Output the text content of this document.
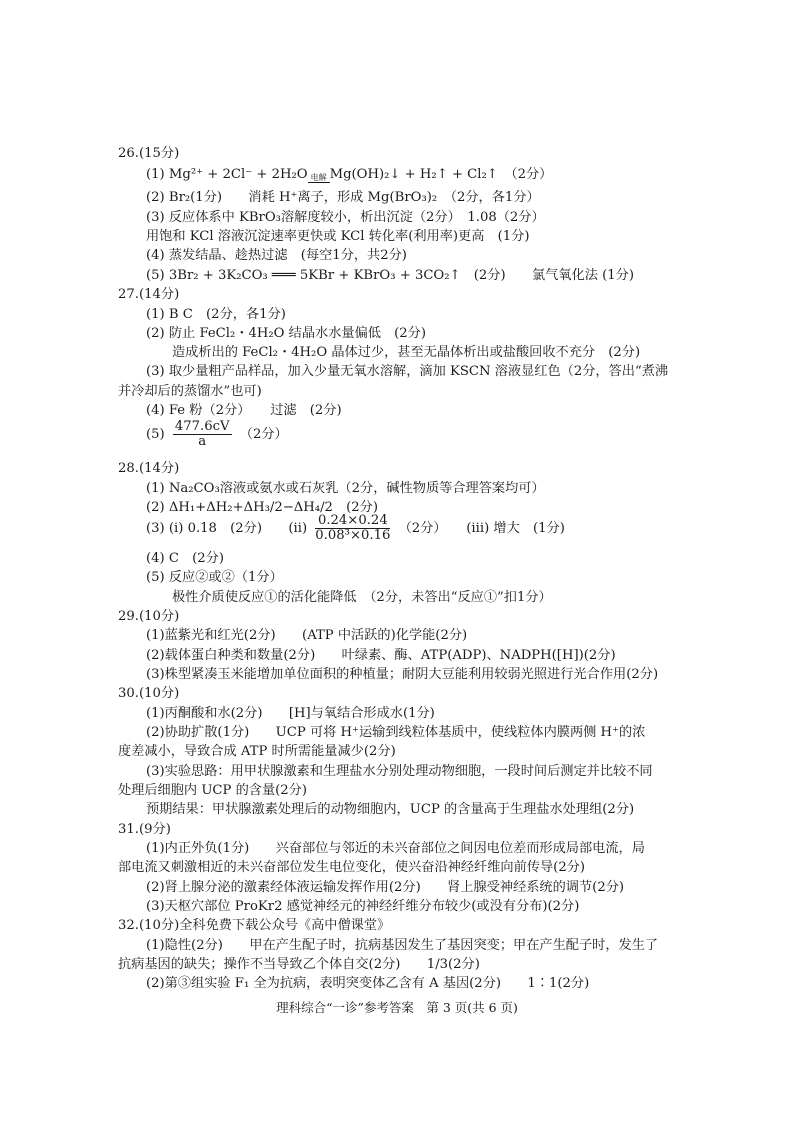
26.(15分)
(1) Mg²⁺ + 2Cl⁻ + 2H₂O 电解 Mg(OH)₂↓ + H₂↑ + Cl₂↑　（2分）
(2) Br₂(1分)　　消耗 H⁺离子，形成 Mg(BrO₃)₂　（2分，各1分）
(3) 反应体系中 KBrO₃溶解度较小，析出沉淀（2分）　1.08（2分）
用饱和 KCl 溶液沉淀速率更快或 KCl 转化率(利用率)更高　(1分)
(4) 蒸发结晶、趁热过滤　(每空1分，共2分)
(5) 3Br₂ + 3K₂CO₃ ═══ 5KBr + KBrO₃ + 3CO₂↑　(2分)　　氯气氧化法 (1分)
27.(14分)
(1) B C　(2分，各1分)
(2) 防止 FeCl₂・4H₂O 结晶水水量偏低　(2分)
造成析出的 FeCl₂・4H₂O 晶体过少，甚至无晶体析出或盐酸回收不充分　(2分)
(3) 取少量粗产品样品，加入少量无氧水溶解，滴加 KSCN 溶液显红色（2分，答出“煮沸
并冷却后的蒸馏水”也可)
(4) Fe 粉（2分）　　过滤　(2分)
$(5) \frac{477.6cV}{a} (2$分）
28.(14分)
(1) Na₂CO₃溶液或氨水或石灰乳（2分，碱性物质等合理答案均可）
(2) ΔH₁+ΔH₂+ΔH₃/2−ΔH₄/2　(2分)
(3) (i) 0.18　(2分)　　$(ii) \frac{0.24\times 0.24}{\text{0.08³×0.16}} (2$分）　　(iii) 增大　(1分)
(4) C　(2分)
(5) 反应②或②（1分）
极性介质使反应①的活化能降低　（2分，未答出“反应①”扣1分）
29.(10分)
(1)蓝紫光和红光(2分)　　(ATP 中活跃的)化学能(2分)
(2)载体蛋白种类和数量(2分)　　叶绿素、酶、ATP(ADP)、NADPH([H])(2分)
(3)株型紧凑玉米能增加单位面积的种植量；耐阴大豆能利用较弱光照进行光合作用(2分)
30.(10分)
(1)丙酮酸和水(2分)　　[H]与氧结合形成水(1分)
(2)协助扩散(1分)　　UCP 可将 H⁺运输到线粒体基质中，使线粒体内膜两侧 H⁺的浓
度差减小，导致合成 ATP 时所需能量减少(2分)
(3)实验思路：用甲状腺激素和生理盐水分别处理动物细胞，一段时间后测定并比较不同
处理后细胞内 UCP 的含量(2分)
预期结果：甲状腺激素处理后的动物细胞内，UCP 的含量高于生理盐水处理组(2分)
31.(9分)
(1)内正外负(1分)　　兴奋部位与邻近的未兴奋部位之间因电位差而形成局部电流，局
部电流又刺激相近的未兴奋部位发生电位变化，使兴奋沿神经纤维向前传导(2分)
(2)肾上腺分泌的激素经体液运输发挥作用(2分)　　肾上腺受神经系统的调节(2分)
(3)天枢穴部位 ProKr2 感觉神经元的神经纤维分布较少(或没有分布)(2分)
32.(10分)全科免费下载公众号《高中僧课堂》
(1)隐性(2分)　　甲在产生配子时，抗病基因发生了基因突变；甲在产生配子时，发生了
抗病基因的缺失；操作不当导致乙个体自交(2分)　　1/3(2分)
(2)第③组实验 F₁ 全为抗病，表明突变体乙含有 A 基因(2分)　　1∶1(2分)
理科综合“一诊”参考答案　第 3 页(共 6 页)
